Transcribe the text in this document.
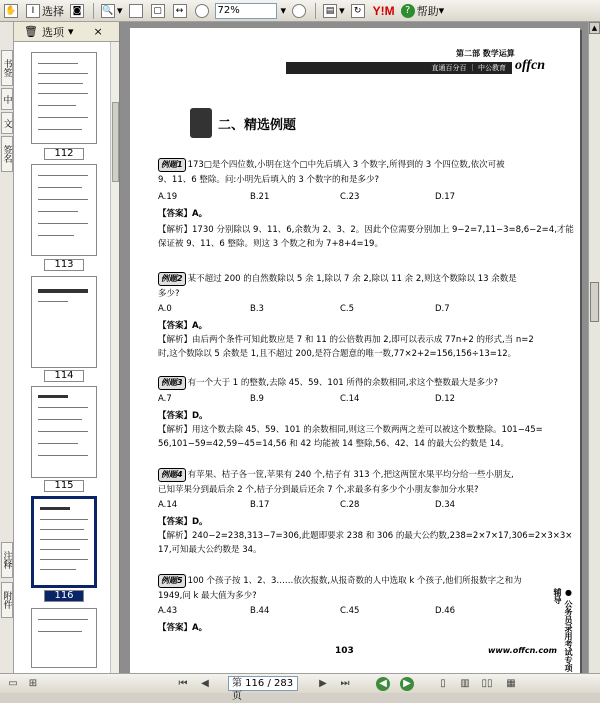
✋	I 选择 ◙ 🔍 ▾	▢	↔	−	72%	▾	+	▤ ▾	↻ Y!M	? 帮助 ▾
书签
中
文
签名
注释
附件
🗑 选项 ▾ ×
112
113
114
115
116
第二部 数学运算
直通百分百 ｜ 中公教育 offcn
二、精选例题
例题1 173□是个四位数,小明在这个□中先后填入 3 个数字,所得到的 3 个四位数,依次可被
9、11、6 整除。问:小明先后填入的 3 个数字的和是多少?
A.19	B.21	C.23	D.17
【答案】A。
【解析】1730 分别除以 9、11、6,余数为 2、3、2。因此个位需要分别加上 9−2=7,11−3=8,6−2=4,才能
保证被 9、11、6 整除。则这 3 个数之和为 7+8+4=19。
例题2 某不超过 200 的自然数除以 5 余 1,除以 7 余 2,除以 11 余 2,则这个数除以 13 余数是
多少?
A.0	B.3	C.5	D.7
【答案】A。
【解析】由后两个条件可知此数应是 7 和 11 的公倍数再加 2,即可以表示成 77n+2 的形式,当 n=2
时,这个数除以 5 余数是 1,且不超过 200,是符合题意的唯一数,77×2+2=156,156÷13=12。
例题3 有一个大于 1 的整数,去除 45、59、101 所得的余数相同,求这个整数最大是多少?
A.7	B.9	C.14	D.12
【答案】D。
【解析】用这个数去除 45、59、101 的余数相同,则这三个数两两之差可以被这个数整除。101−45=
56,101−59=42,59−45=14,56 和 42 均能被 14 整除,56、42、14 的最大公约数是 14。
例题4 有苹果、桔子各一筐,苹果有 240 个,桔子有 313 个,把这两筐水果平均分给一些小朋友,
已知苹果分到最后余 2 个,桔子分到最后还余 7 个,求最多有多少个小朋友参加分水果?
A.14	B.17	C.28	D.34
【答案】D。
【解析】240−2=238,313−7=306,此题即要求 238 和 306 的最大公约数,238=2×7×17,306=2×3×3×
17,可知最大公约数是 34。
例题5 100 个孩子按 1、2、3……依次报数,从报奇数的人中选取 k 个孩子,他们所报数字之和为
1949,问 k 最大值为多少?
A.43	B.44	C.45	D.46
【答案】A。	● 公务员录用考试专项辅导
103	www.offcn.com
▲
▭ ⊞	⏮	◀	第 116 / 283 页
▶	⏭	◀	▶	▯	▥ ▯▯ ▦
